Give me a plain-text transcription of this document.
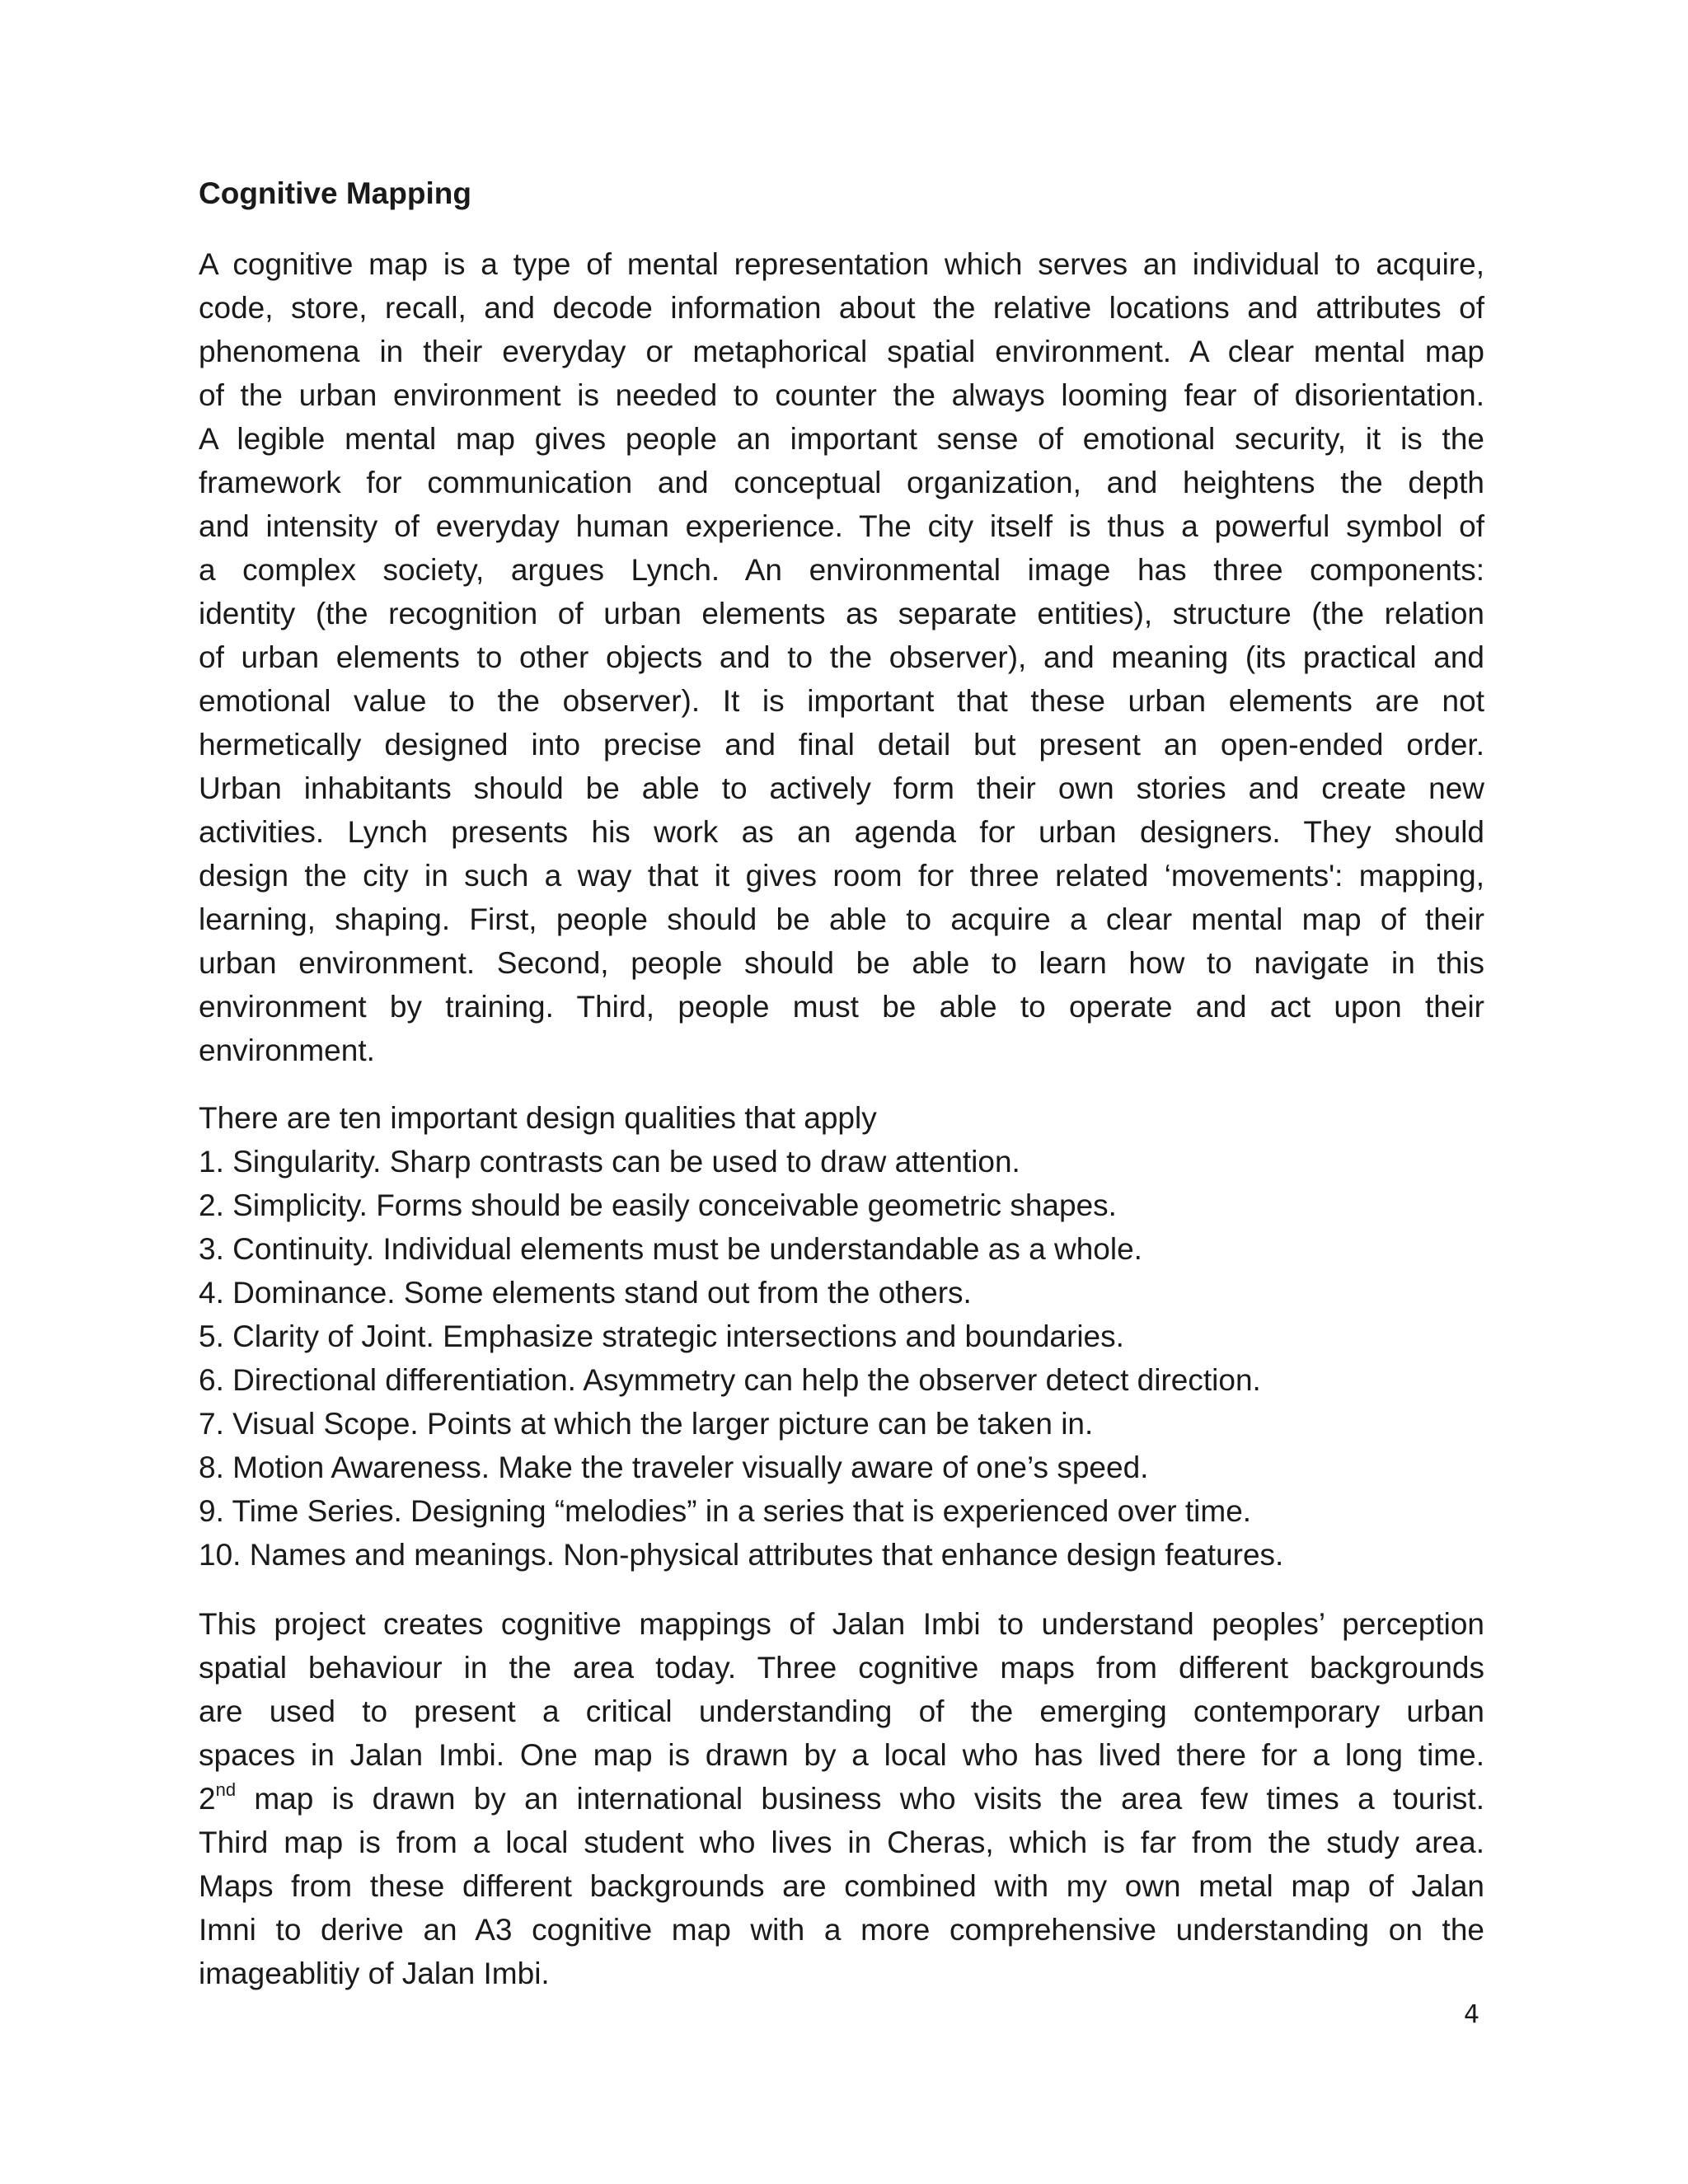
Cognitive Mapping
A cognitive map is a type of mental representation which serves an individual to acquire,
code, store, recall, and decode information about the relative locations and attributes of
phenomena in their everyday or metaphorical spatial environment. A clear mental map
of the urban environment is needed to counter the always looming fear of disorientation.
A legible mental map gives people an important sense of emotional security, it is the
framework for communication and conceptual organization, and heightens the depth
and intensity of everyday human experience. The city itself is thus a powerful symbol of
a complex society, argues Lynch. An environmental image has three components:
identity (the recognition of urban elements as separate entities), structure (the relation
of urban elements to other objects and to the observer), and meaning (its practical and
emotional value to the observer). It is important that these urban elements are not
hermetically designed into precise and final detail but present an open-ended order.
Urban inhabitants should be able to actively form their own stories and create new
activities. Lynch presents his work as an agenda for urban designers. They should
design the city in such a way that it gives room for three related ‘movements': mapping,
learning, shaping. First, people should be able to acquire a clear mental map of their
urban environment. Second, people should be able to learn how to navigate in this
environment by training. Third, people must be able to operate and act upon their
environment.
There are ten important design qualities that apply
1. Singularity. Sharp contrasts can be used to draw attention.
2. Simplicity. Forms should be easily conceivable geometric shapes.
3. Continuity. Individual elements must be understandable as a whole.
4. Dominance. Some elements stand out from the others.
5. Clarity of Joint. Emphasize strategic intersections and boundaries.
6. Directional differentiation. Asymmetry can help the observer detect direction.
7. Visual Scope. Points at which the larger picture can be taken in.
8. Motion Awareness. Make the traveler visually aware of one’s speed.
9. Time Series. Designing “melodies” in a series that is experienced over time.
10. Names and meanings. Non-physical attributes that enhance design features.
This project creates cognitive mappings of Jalan Imbi to understand peoples’ perception
spatial behaviour in the area today. Three cognitive maps from different backgrounds
are used to present a critical understanding of the emerging contemporary urban
spaces in Jalan Imbi. One map is drawn by a local who has lived there for a long time.
2nd map is drawn by an international business who visits the area few times a tourist.
Third map is from a local student who lives in Cheras, which is far from the study area.
Maps from these different backgrounds are combined with my own metal map of Jalan
Imni to derive an A3 cognitive map with a more comprehensive understanding on the
imageablitiy of Jalan Imbi.
4
